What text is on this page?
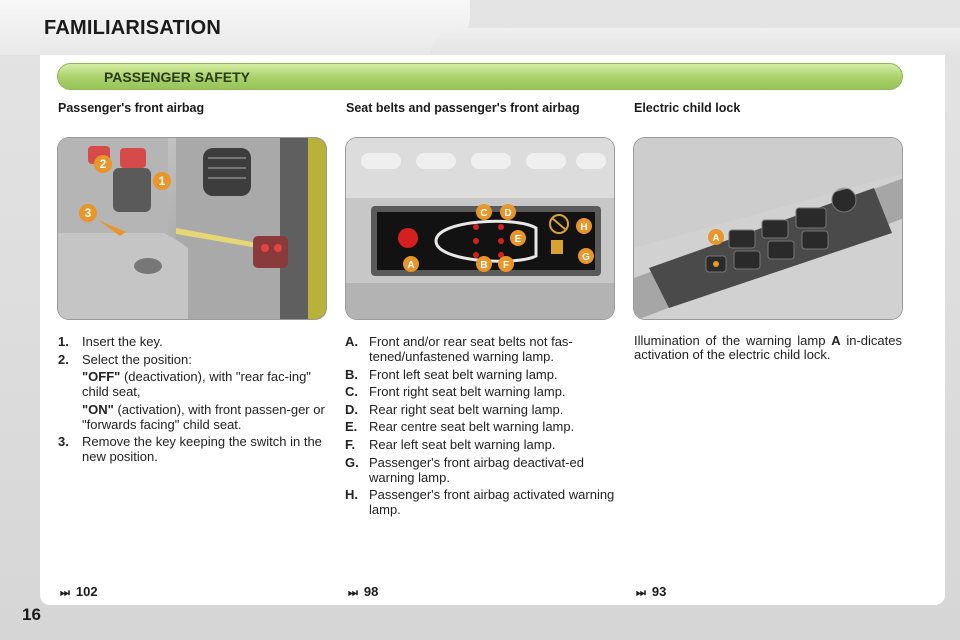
FAMILIARISATION
PASSENGER SAFETY
Passenger's front airbag
1
2
3
1. Insert the key.
2. Select the position:
"OFF" (deactivation), with "rear fac-ing" child seat,
"ON" (activation), with front passen-ger or "forwards facing" child seat.
3. Remove the key keeping the switch in the new position.
⏭ 102
Seat belts and passenger's front airbag
A	B
C D
E
F
G
H
A. Front and/or rear seat belts not fas-tened/unfastened warning lamp.
B. Front left seat belt warning lamp.
C. Front right seat belt warning lamp.
D. Rear right seat belt warning lamp.
E. Rear centre seat belt warning lamp.
F. Rear left seat belt warning lamp.
G. Passenger's front airbag deactivat-ed warning lamp.
H. Passenger's front airbag activated warning lamp.
⏭ 98
Electric child lock
A
Illumination of the warning lamp A in-dicates activation of the electric child lock.
⏭ 93
16
